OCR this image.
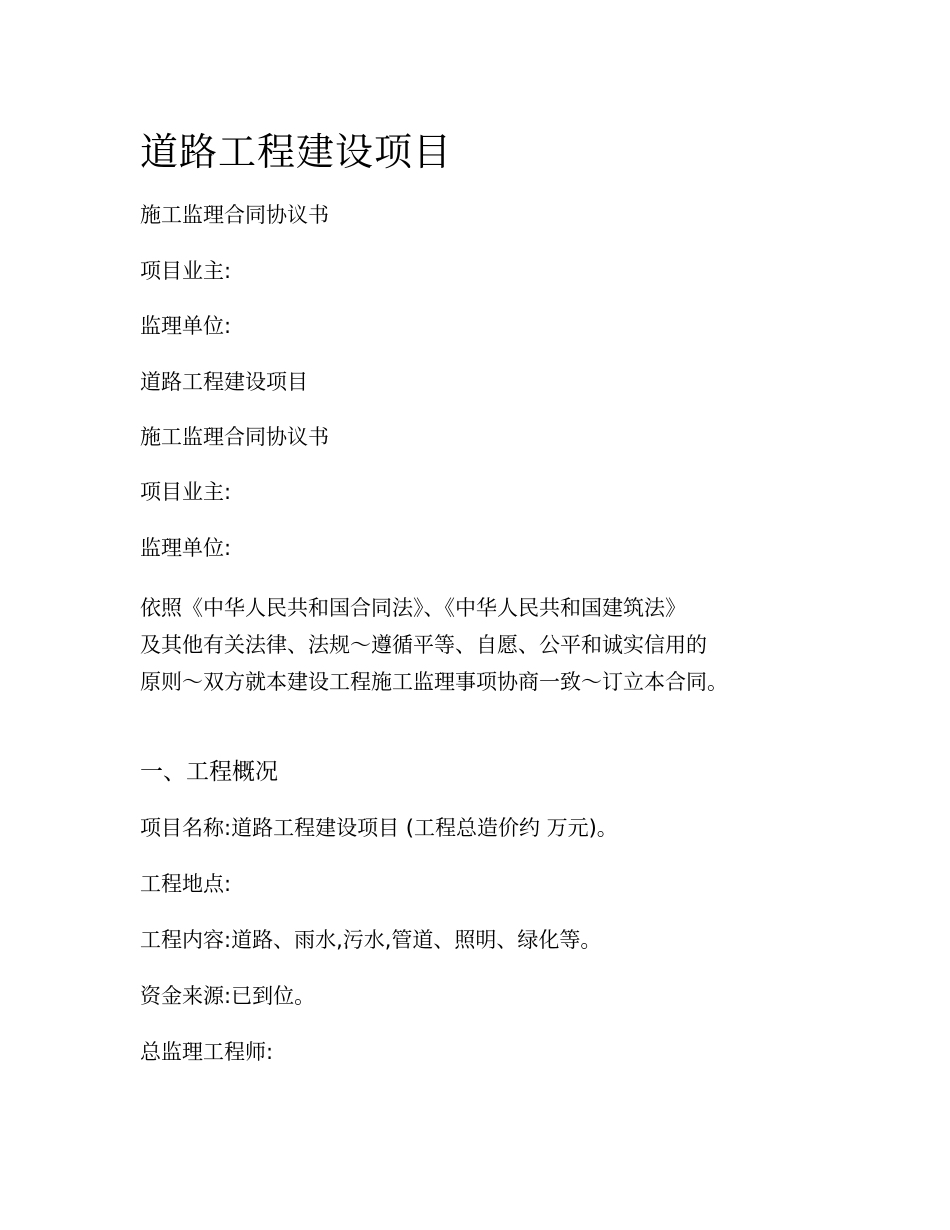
道路工程建设项目
施工监理合同协议书
项目业主:
监理单位:
道路工程建设项目
施工监理合同协议书
项目业主:
监理单位:
依照《中华人民共和国合同法》、《中华人民共和国建筑法》
及其他有关法律、法规～遵循平等、自愿、公平和诚实信用的
原则～双方就本建设工程施工监理事项协商一致～订立本合同。
一、工程概况
项目名称:道路工程建设项目 (工程总造价约 万元)。
工程地点:
工程内容:道路、雨水,污水,管道、照明、绿化等。
资金来源:已到位。
总监理工程师:
